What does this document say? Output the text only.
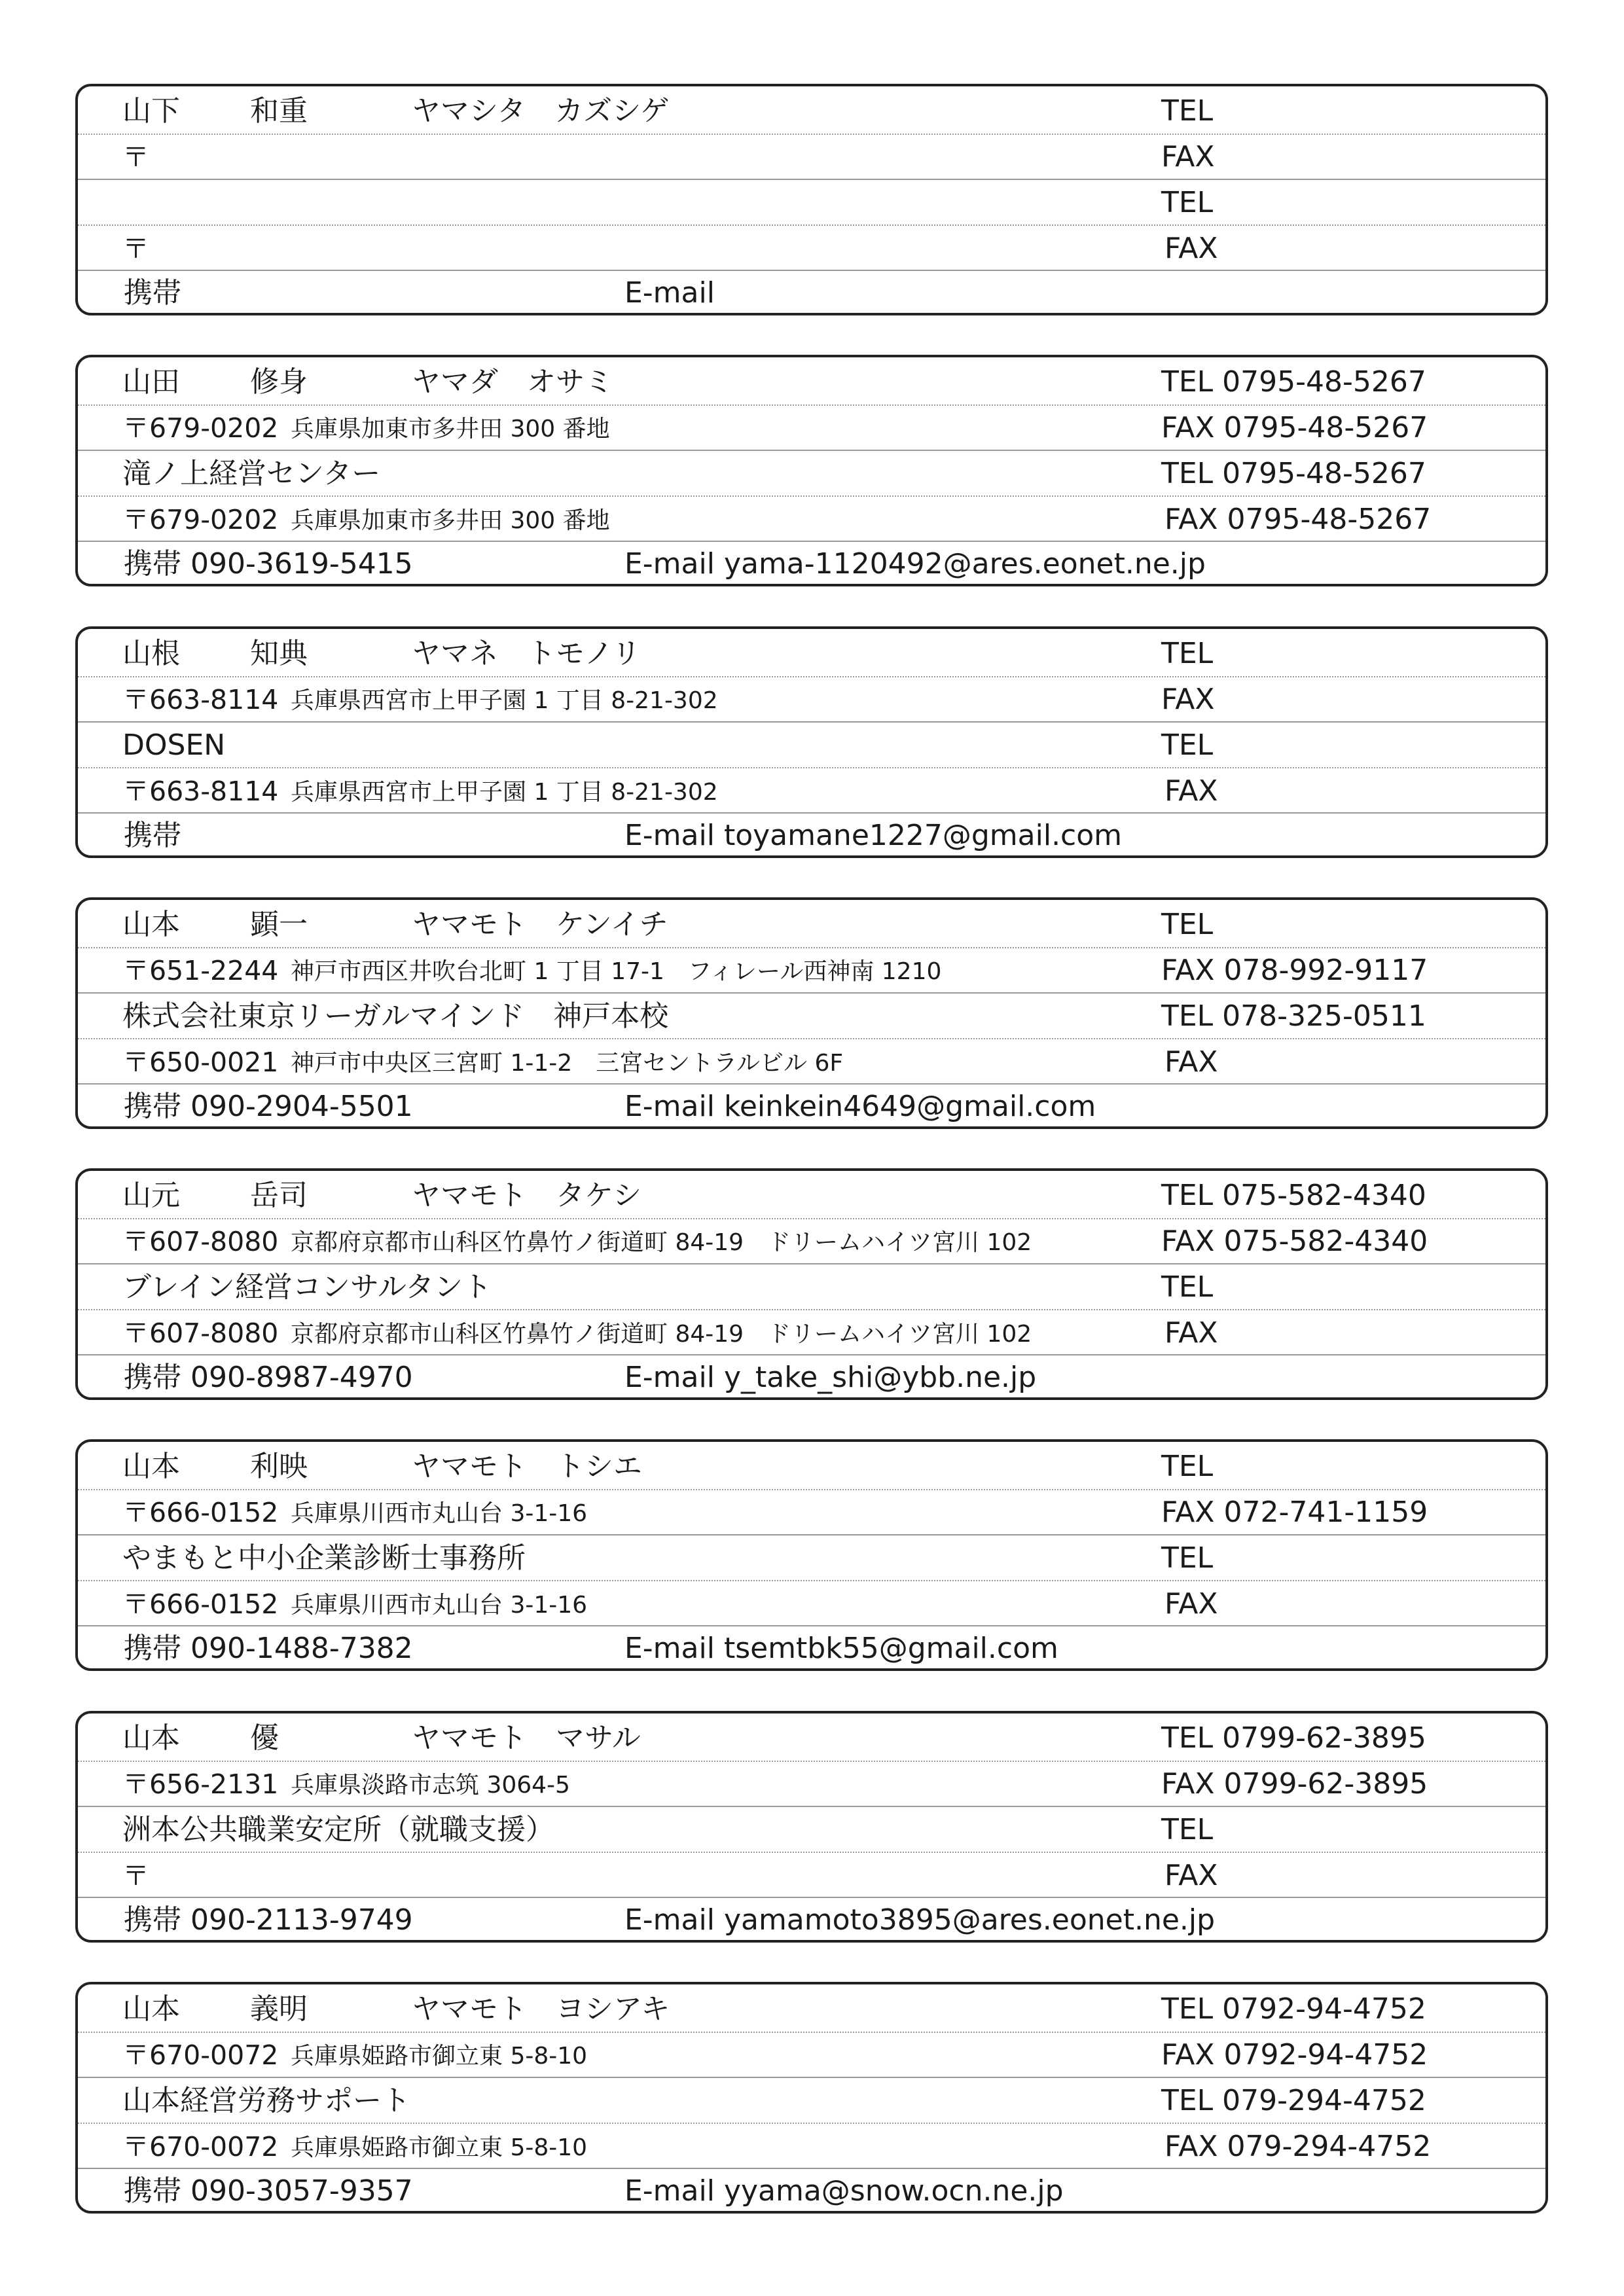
山下 和重	ヤマシタ　カズシゲ	TEL
〒	FAX
TEL
〒	FAX
携帯	E-mail
山田 修身	ヤマダ　オサミ	TEL 0795-48-5267
〒679-0202 兵庫県加東市多井田 300 番地	FAX 0795-48-5267
滝ノ上経営センター	TEL 0795-48-5267
〒679-0202 兵庫県加東市多井田 300 番地	FAX 0795-48-5267
携帯 090-3619-5415	E-mail yama-1120492@ares.eonet.ne.jp
山根 知典	ヤマネ　トモノリ	TEL
〒663-8114 兵庫県西宮市上甲子園 1 丁目 8-21-302	FAX
DOSEN	TEL
〒663-8114 兵庫県西宮市上甲子園 1 丁目 8-21-302	FAX
携帯	E-mail toyamane1227@gmail.com
山本 顕一	ヤマモト　ケンイチ	TEL
〒651-2244 神戸市西区井吹台北町 1 丁目 17-1　フィレール西神南 1210	FAX 078-992-9117
株式会社東京リーガルマインド　神戸本校	TEL 078-325-0511
〒650-0021 神戸市中央区三宮町 1-1-2　三宮セントラルビル 6F	FAX
携帯 090-2904-5501	E-mail keinkein4649@gmail.com
山元 岳司	ヤマモト　タケシ	TEL 075-582-4340
〒607-8080 京都府京都市山科区竹鼻竹ノ街道町 84-19　ドリームハイツ宮川 102	FAX 075-582-4340
ブレイン経営コンサルタント	TEL
〒607-8080 京都府京都市山科区竹鼻竹ノ街道町 84-19　ドリームハイツ宮川 102	FAX
携帯 090-8987-4970	E-mail y_take_shi@ybb.ne.jp
山本 利映	ヤマモト　トシエ	TEL
〒666-0152 兵庫県川西市丸山台 3-1-16	FAX 072-741-1159
やまもと中小企業診断士事務所	TEL
〒666-0152 兵庫県川西市丸山台 3-1-16	FAX
携帯 090-1488-7382	E-mail tsemtbk55@gmail.com
山本 優	ヤマモト　マサル	TEL 0799-62-3895
〒656-2131 兵庫県淡路市志筑 3064-5	FAX 0799-62-3895
洲本公共職業安定所（就職支援）	TEL
〒	FAX
携帯 090-2113-9749	E-mail yamamoto3895@ares.eonet.ne.jp
山本 義明	ヤマモト　ヨシアキ	TEL 0792-94-4752
〒670-0072 兵庫県姫路市御立東 5-8-10	FAX 0792-94-4752
山本経営労務サポート	TEL 079-294-4752
〒670-0072 兵庫県姫路市御立東 5-8-10	FAX 079-294-4752
携帯 090-3057-9357	E-mail yyama@snow.ocn.ne.jp
